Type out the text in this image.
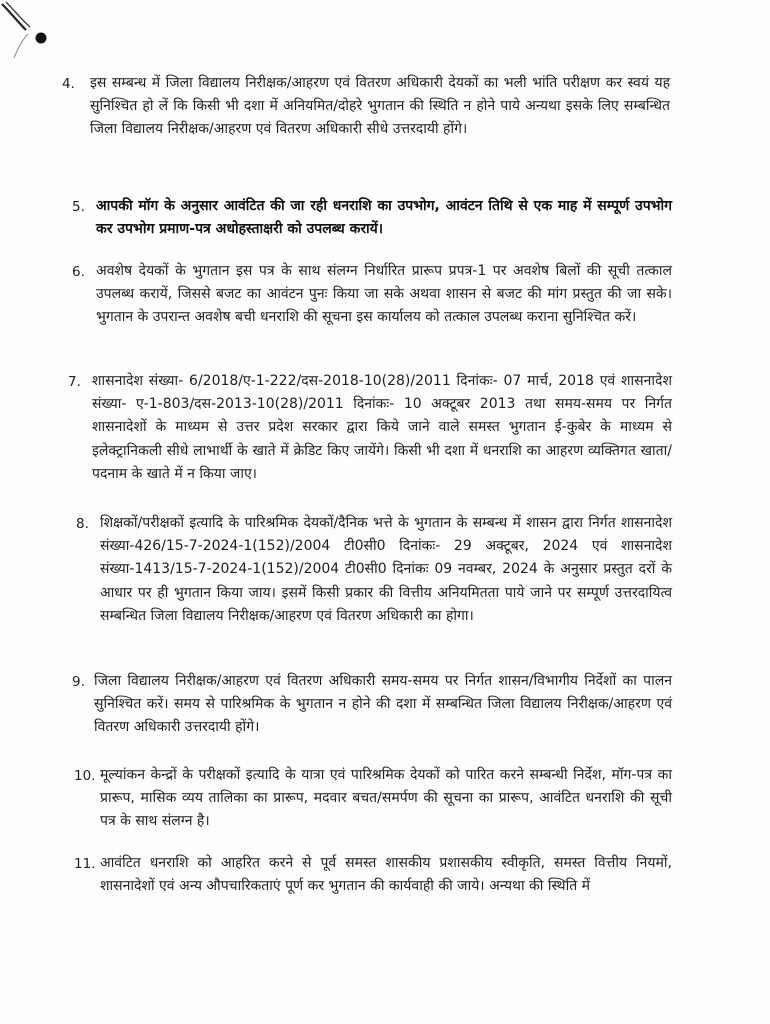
4. इस सम्बन्ध में जिला विद्यालय निरीक्षक/आहरण एवं वितरण अधिकारी देयकों का भली भांति परीक्षण कर स्वयं यह सुनिश्चित हो लें कि किसी भी दशा में अनियमित/दोहरे भुगतान की स्थिति न होने पाये अन्यथा इसके लिए सम्बन्धित जिला विद्यालय निरीक्षक/आहरण एवं वितरण अधिकारी सीधे उत्तरदायी होंगे।

5. आपकी मॉग के अनुसार आवंटित की जा रही धनराशि का उपभोग, आवंटन तिथि से एक माह में सम्पूर्ण उपभोग कर उपभोग प्रमाण-पत्र अधोहस्ताक्षरी को उपलब्ध करायें।

6. अवशेष देयकों के भुगतान इस पत्र के साथ संलग्न निर्धारित प्रारूप प्रपत्र-1 पर अवशेष बिलों की सूची तत्काल उपलब्ध करायें, जिससे बजट का आवंटन पुनः किया जा सके अथवा शासन से बजट की मांग प्रस्तुत की जा सके। भुगतान के उपरान्त अवशेष बची धनराशि की सूचना इस कार्यालय को तत्काल उपलब्ध कराना सुनिश्चित करें।

7. शासनादेश संख्या- 6/2018/ए-1-222/दस-2018-10(28)/2011 दिनांकः- 07 मार्च, 2018 एवं शासनादेश संख्या- ए-1-803/दस-2013-10(28)/2011 दिनांकः- 10 अक्टूबर 2013 तथा समय-समय पर निर्गत शासनादेशों के माध्यम से उत्तर प्रदेश सरकार द्वारा किये जाने वाले समस्त भुगतान ई-कुबेर के माध्यम से इलेक्ट्रानिकली सीधे लाभार्थी के खाते में क्रेडिट किए जायेंगे। किसी भी दशा में धनराशि का आहरण व्यक्तिगत खाता/पदनाम के खाते में न किया जाए।

8. शिक्षकों/परीक्षकों इत्यादि के पारिश्रमिक देयकों/दैनिक भत्ते के भुगतान के सम्बन्ध में शासन द्वारा निर्गत शासनादेश संख्या-426/15-7-2024-1(152)/2004 टी0सी0 दिनांकः- 29 अक्टूबर, 2024 एवं शासनादेश संख्या-1413/15-7-2024-1(152)/2004 टी0सी0 दिनांकः 09 नवम्बर, 2024 के अनुसार प्रस्तुत दरों के आधार पर ही भुगतान किया जाय। इसमें किसी प्रकार की वित्तीय अनियमितता पाये जाने पर सम्पूर्ण उत्तरदायित्व सम्बन्धित जिला विद्यालय निरीक्षक/आहरण एवं वितरण अधिकारी का होगा।

9. जिला विद्यालय निरीक्षक/आहरण एवं वितरण अधिकारी समय-समय पर निर्गत शासन/विभागीय निर्देशों का पालन सुनिश्चित करें। समय से पारिश्रमिक के भुगतान न होने की दशा में सम्बन्धित जिला विद्यालय निरीक्षक/आहरण एवं वितरण अधिकारी उत्तरदायी होंगे।

10. मूल्यांकन केन्द्रों के परीक्षकों इत्यादि के यात्रा एवं पारिश्रमिक देयकों को पारित करने सम्बन्धी निर्देश, मॉग-पत्र का प्रारूप, मासिक व्यय तालिका का प्रारूप, मदवार बचत/समर्पण की सूचना का प्रारूप, आवंटित धनराशि की सूची पत्र के साथ संलग्न है।

11. आवंटित धनराशि को आहरित करने से पूर्व समस्त शासकीय प्रशासकीय स्वीकृति, समस्त वित्तीय नियमों, शासनादेशों एवं अन्य औपचारिकताएं पूर्ण कर भुगतान की कार्यवाही की जाये। अन्यथा की स्थिति में
